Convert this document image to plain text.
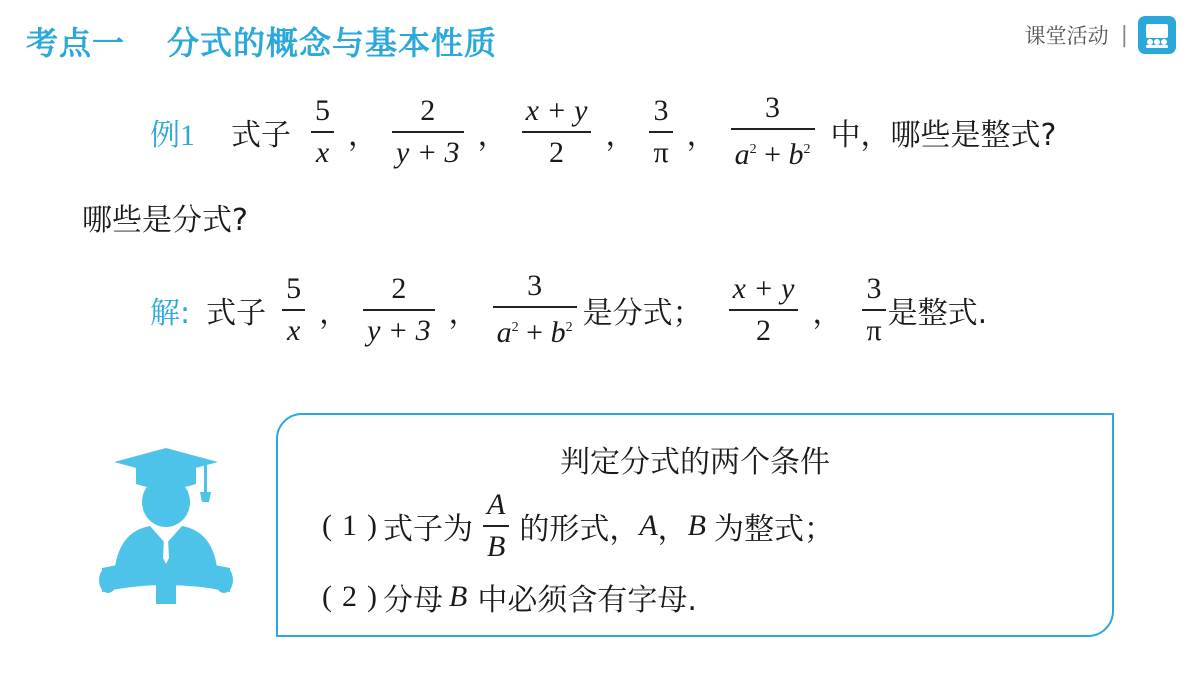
考点一 分式的概念与基本性质	课堂活动 |
例1 式子 $\frac{5}{x}$ ， $\frac{2}{y + 3}$ ， $\frac{x + y}{2}$ ， $\frac{3}{\pi}$ ， $\frac{3}{a^2 + b^2}$ 中，哪些是整式?
哪些是分式?
解: 式子 $\frac{5}{x}$ ， $\frac{2}{y + 3}$ ， $\frac{3}{a^2 + b^2}$ 是分式； $\frac{x + y}{2}$ ， $\frac{3}{\pi}$ 是整式.
判定分式的两个条件
( 1 ) 式子为 $\frac{A}{B}$ 的形式， A ， B 为整式；
( 2 ) 分母 B 中必须含有字母.
